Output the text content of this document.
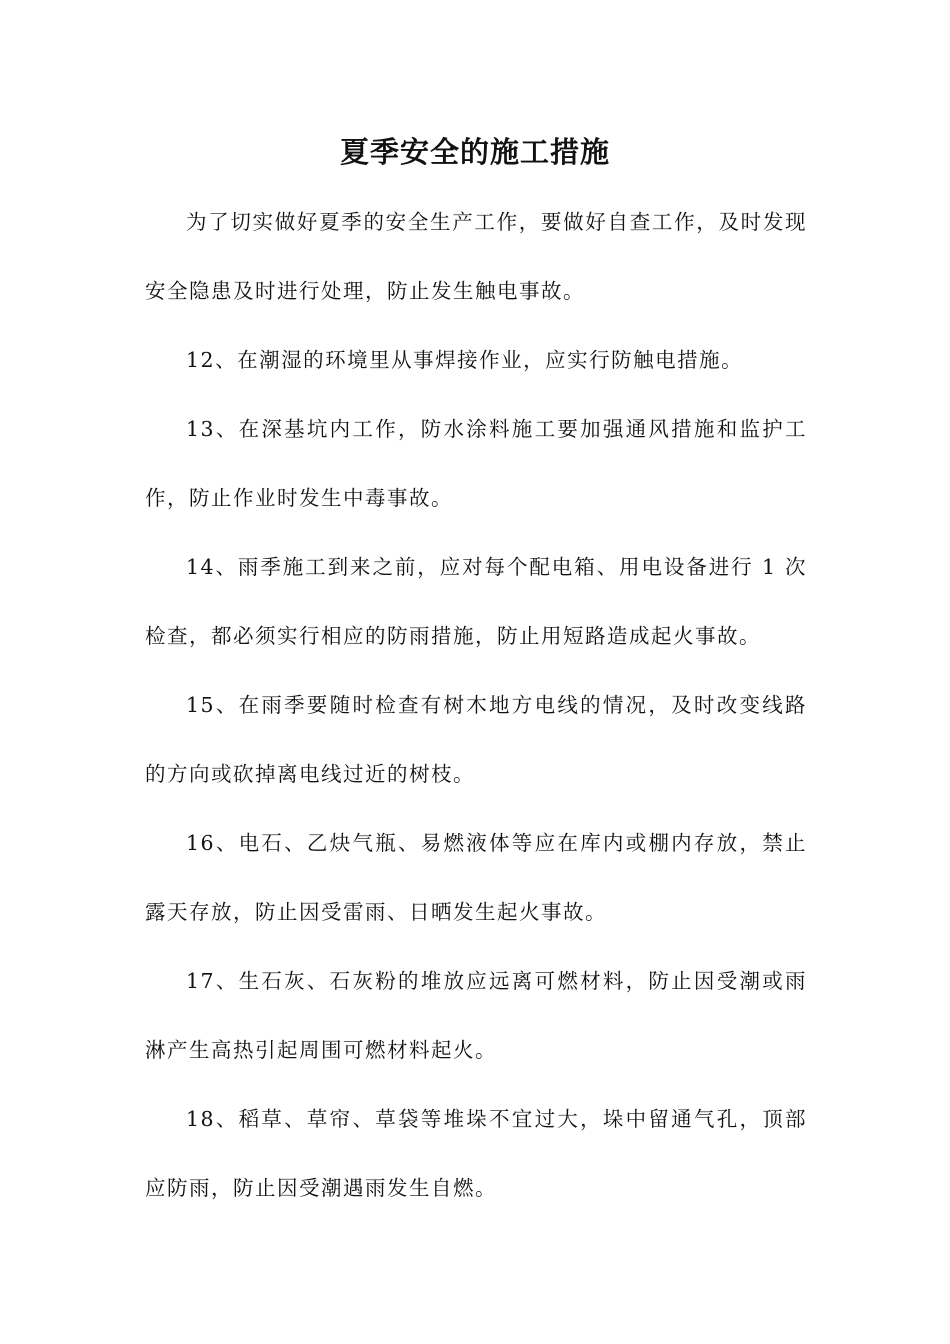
夏季安全的施工措施

为了切实做好夏季的安全生产工作，要做好自查工作，及时发现安全隐患及时进行处理，防止发生触电事故。

12、在潮湿的环境里从事焊接作业，应实行防触电措施。

13、在深基坑内工作，防水涂料施工要加强通风措施和监护工作，防止作业时发生中毒事故。

14、雨季施工到来之前，应对每个配电箱、用电设备进行 1 次检查，都必须实行相应的防雨措施，防止用短路造成起火事故。

15、在雨季要随时检查有树木地方电线的情况，及时改变线路的方向或砍掉离电线过近的树枝。

16、电石、乙炔气瓶、易燃液体等应在库内或棚内存放，禁止露天存放，防止因受雷雨、日晒发生起火事故。

17、生石灰、石灰粉的堆放应远离可燃材料，防止因受潮或雨淋产生高热引起周围可燃材料起火。

18、稻草、草帘、草袋等堆垛不宜过大，垛中留通气孔，顶部应防雨，防止因受潮遇雨发生自燃。
